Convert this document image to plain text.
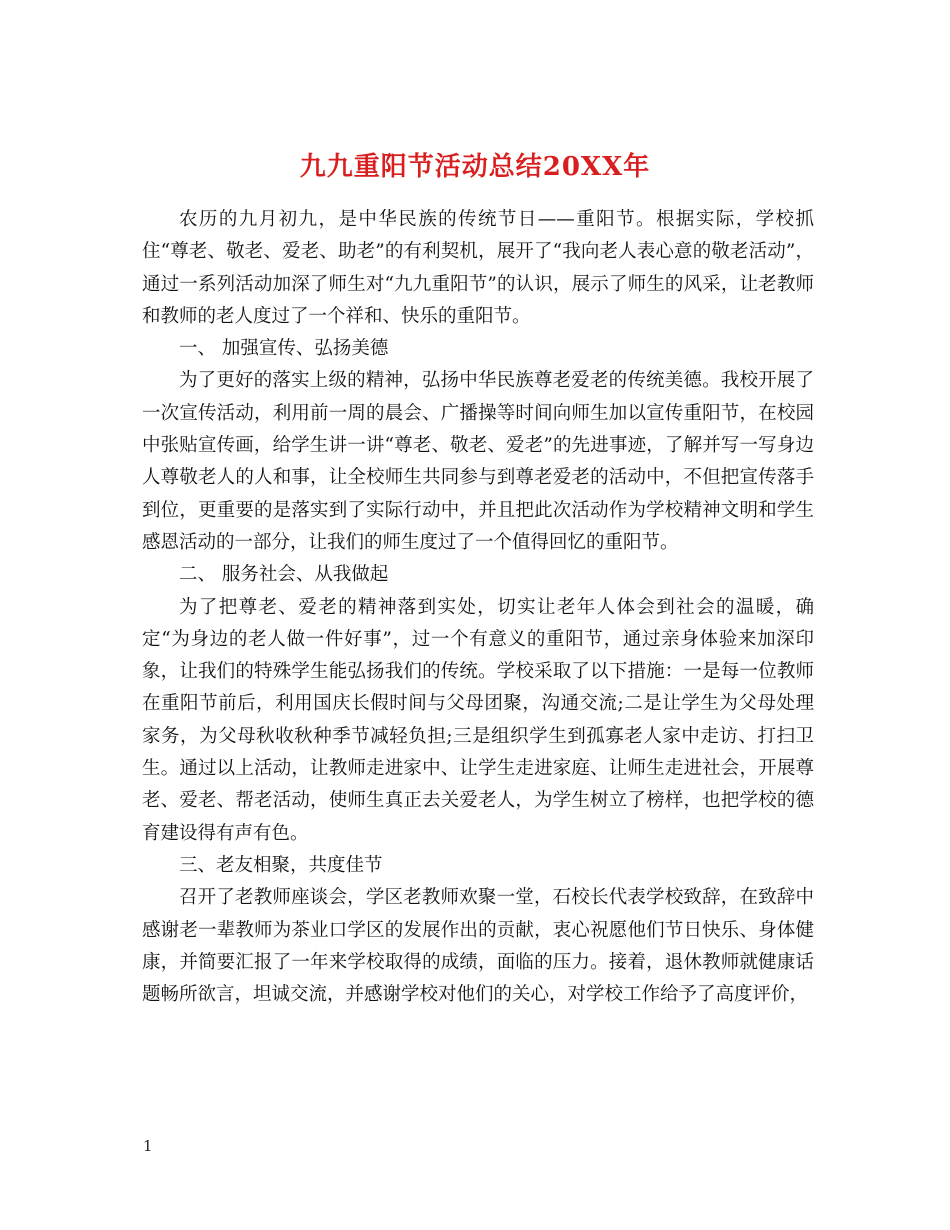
九九重阳节活动总结20XX年

农历的九月初九，是中华民族的传统节日——重阳节。根据实际，学校抓住“尊老、敬老、爱老、助老”的有利契机，展开了“我向老人表心意的敬老活动”，通过一系列活动加深了师生对“九九重阳节”的认识，展示了师生的风采，让老教师和教师的老人度过了一个祥和、快乐的重阳节。

一、 加强宣传、弘扬美德

为了更好的落实上级的精神，弘扬中华民族尊老爱老的传统美德。我校开展了一次宣传活动，利用前一周的晨会、广播操等时间向师生加以宣传重阳节，在校园中张贴宣传画，给学生讲一讲“尊老、敬老、爱老”的先进事迹，了解并写一写身边人尊敬老人的人和事，让全校师生共同参与到尊老爱老的活动中，不但把宣传落手到位，更重要的是落实到了实际行动中，并且把此次活动作为学校精神文明和学生感恩活动的一部分，让我们的师生度过了一个值得回忆的重阳节。

二、 服务社会、从我做起

为了把尊老、爱老的精神落到实处，切实让老年人体会到社会的温暖，确定“为身边的老人做一件好事”，过一个有意义的重阳节，通过亲身体验来加深印象，让我们的特殊学生能弘扬我们的传统。学校采取了以下措施：一是每一位教师在重阳节前后，利用国庆长假时间与父母团聚，沟通交流;二是让学生为父母处理家务，为父母秋收秋种季节减轻负担;三是组织学生到孤寡老人家中走访、打扫卫生。通过以上活动，让教师走进家中、让学生走进家庭、让师生走进社会，开展尊老、爱老、帮老活动，使师生真正去关爱老人，为学生树立了榜样，也把学校的德育建设得有声有色。

三、老友相聚，共度佳节

召开了老教师座谈会，学区老教师欢聚一堂，石校长代表学校致辞，在致辞中感谢老一辈教师为茶业口学区的发展作出的贡献，衷心祝愿他们节日快乐、身体健康，并简要汇报了一年来学校取得的成绩，面临的压力。接着，退休教师就健康话题畅所欲言，坦诚交流，并感谢学校对他们的关心，对学校工作给予了高度评价，

1
